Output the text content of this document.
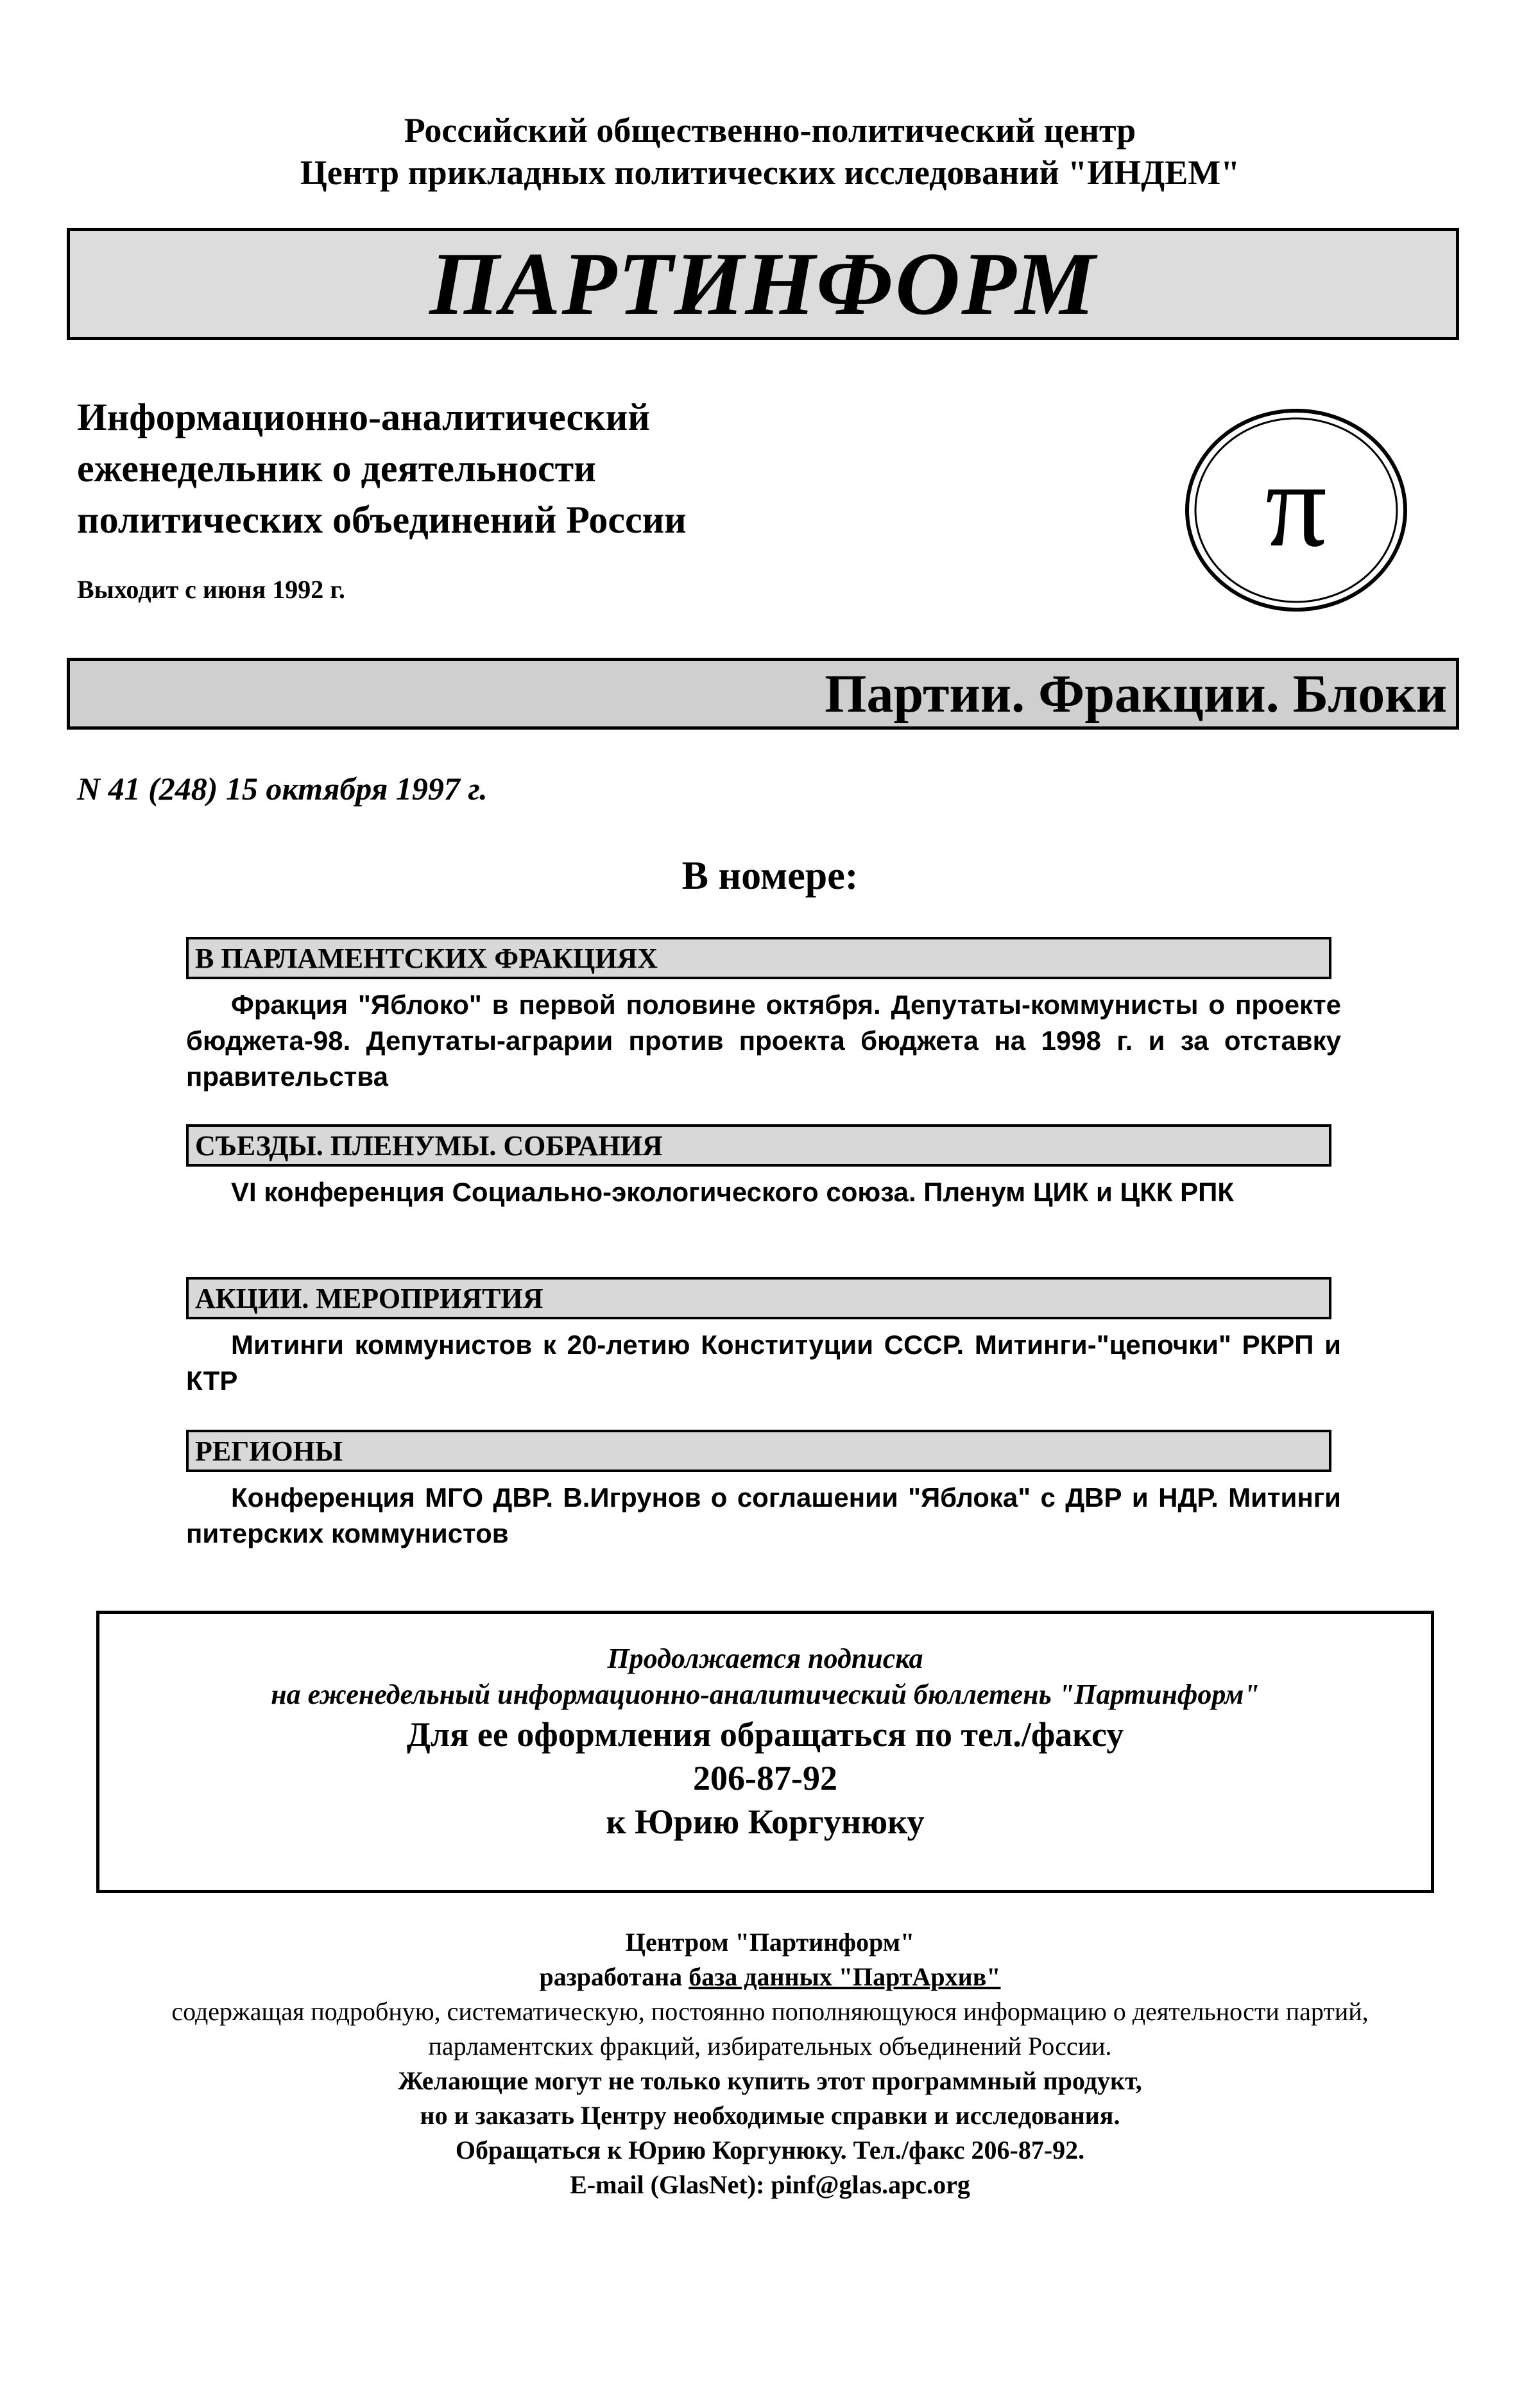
Российский общественно-политический центр
Центр прикладных политических исследований "ИНДЕМ"
ПАРТИНФОРМ
Информационно-аналитический
еженедельник о деятельности
политических объединений России
Выходит с июня 1992 г.
π
Партии. Фракции. Блоки
N 41 (248) 15 октября 1997 г.
В номере:
В ПАРЛАМЕНТСКИХ ФРАКЦИЯХ
Фракция "Яблоко" в первой половине октября. Депутаты-коммунисты о проекте бюджета-98. Депутаты-аграрии против проекта бюджета на 1998 г. и за отставку правительства
СЪЕЗДЫ. ПЛЕНУМЫ. СОБРАНИЯ
VI конференция Социально-экологического союза. Пленум ЦИК и ЦКК РПК
АКЦИИ. МЕРОПРИЯТИЯ
Митинги коммунистов к 20-летию Конституции СССР. Митинги-"цепочки" РКРП и КТР
РЕГИОНЫ
Конференция МГО ДВР. В.Игрунов о соглашении "Яблока" с ДВР и НДР. Митинги питерских коммунистов
Продолжается подписка
на еженедельный информационно-аналитический бюллетень "Партинформ"
Для ее оформления обращаться по тел./факсу
206-87-92
к Юрию Коргунюку
Центром "Партинформ"
разработана база данных "ПартАрхив"
содержащая подробную, систематическую, постоянно пополняющуюся информацию о деятельности партий,
парламентских фракций, избирательных объединений России.
Желающие могут не только купить этот программный продукт,
но и заказать Центру необходимые справки и исследования.
Обращаться к Юрию Коргунюку. Тел./факс 206-87-92.
E-mail (GlasNet): pinf@glas.apc.org
